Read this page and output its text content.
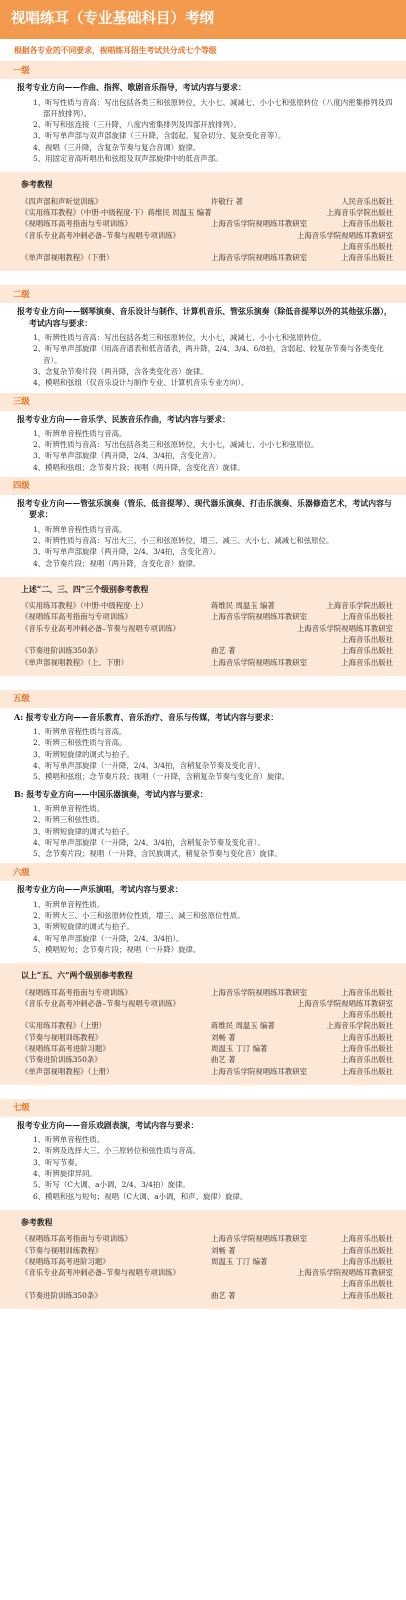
视唱练耳（专业基础科目）考纲
根据各专业的不同要求，视唱练耳招生考试共分成七个等级
一级
报考专业方向——作曲、指挥、歌剧音乐指导，考试内容与要求：
1、听写性质与音高：写出包括各类三和弦原转位，大小七、减减七、小小七和弦原转位（八度内密集排列及四部开放排列）。
2、听写和弦连接（三升降，八度内密集排列及四部开放排列）。
3、听写单声部与双声部旋律（三升降，含弱起、复杂切分、复杂变化音等）。
4、视唱（三升降，含复杂节奏与复合音调）旋律。
5、用固定音高听唱出和弦组及双声部旋律中的低音声部。
参考教程
《四声部和声听觉训练》	许敬行 著	人民音乐出版社
《实用练耳教程》（中册·中级程度·下）蒋维民 周温玉 编著	上海音乐学院出版社
《视唱练耳高考指南与专项训练》	上海音乐学院视唱练耳教研室	上海音乐出版社
《音乐专业高考冲刺必备–节奏与视唱专项训练》	上海音乐学院视唱练耳教研室
上海音乐出版社
《单声部视唱教程》（下册）	上海音乐学院视唱练耳教研室	上海音乐出版社
二级
报考专业方向——钢琴演奏、音乐设计与制作、计算机音乐、管弦乐演奏（除低音提琴以外的其他弦乐器），考试内容与要求：
1、听辨性质与音高：写出包括各类三和弦原转位，大小七，减减七、小小七和弦原转位。
2、听写单声部旋律（用高音谱表和低音谱表，两升降，2/4、3/4、6/8拍，含弱起、较复杂节奏与各类变化音）。
3、念复杂节奏片段（两升降，含各类变化音）旋律。
4、模唱和弦组（仅音乐设计与制作专业、计算机音乐专业方向）。
三级
报考专业方向——音乐学、民族音乐作曲，考试内容与要求：
1、听辨单音程性质与音高。
2、听辨性质与音高：写出包括各类三和弦原转位，大小七，减减七、小小七和弦原位。
3、听写单声部旋律（两升降，2/4、3/4拍，含变化音）。
4、模唱和弦组；念节奏片段；视唱（两升降，含变化音）旋律。
四级
报考专业方向——管弦乐演奏（管乐、低音提琴）、现代器乐演奏、打击乐演奏、乐器修造艺术，考试内容与要求：
1、听辨单音程性质与音高。
2、听辨性质与音高：写出大三、小三和弦原转位，增三、减三、大小七、减减七和弦原位。
3、听写单声部旋律（两升降，2/4、3/4拍，含变化音）。
4、念节奏片段；视唱（两升降，含变化音）旋律。
上述“二、三、四”三个级别参考教程
《实用练耳教程》（中册·中级程度·上）	蒋维民 周温玉 编著	上海音乐学院出版社
《视唱练耳高考指南与专项训练》	上海音乐学院视唱练耳教研室	上海音乐出版社
《音乐专业高考冲刺必备–节奏与视唱专项训练》	上海音乐学院视唱练耳教研室
上海音乐出版社
《节奏进阶训练350条》	曲艺 著	上海音乐出版社
《单声部视唱教程》（上、下册）	上海音乐学院视唱练耳教研室	上海音乐出版社
五级
A: 报考专业方向——音乐教育、音乐治疗、音乐与传媒，考试内容与要求：
1、听辨单音程性质与音高。
2、听辨三和弦性质与音高。
3、听辨短旋律的调式与拍子。
4、听写单声部旋律（一升降，2/4、3/4拍，含稍复杂节奏及变化音）。
5、模唱和弦组；念节奏片段；视唱（一升降，含稍复杂节奏与变化音）旋律。
B: 报考专业方向——中国乐器演奏，考试内容与要求：
1、听辨单音程性质。
2、听辨三和弦性质。
3、听辨短旋律的调式与拍子。
4、听写单声部旋律（一升降，2/4、3/4拍，含稍复杂节奏及变化音）。
5、念节奏片段；视唱（一升降，含民族调式，稍复杂节奏与变化音）旋律。
六级
报考专业方向——声乐演唱，考试内容与要求：
1、听辨单音程性质。
2、听辨大三、小三和弦原转位性质，增三、减三和弦原位性质。
3、听辨短旋律的调式与拍子。
4、听写单声部旋律（一升降，2/4、3/4拍）。
5、模唱短句；念节奏片段；视唱（一升降）旋律。
以上“五、六”两个级别参考教程
《视唱练耳高考指南与专项训练》	上海音乐学院视唱练耳教研室	上海音乐出版社
《音乐专业高考冲刺必备–节奏与视唱专项训练》	上海音乐学院视唱练耳教研室
上海音乐出版社
《实用练耳教程》（上册）	蒋维民 周温玉 编著	上海音乐学院出版社
《节奏与视唱训练教程》	刘畅 著	上海音乐出版社
《视唱练耳高考进阶习题》	周温玉 丁汀 编著	上海音乐出版社
《节奏进阶训练350条》	曲艺 著	上海音乐出版社
《单声部视唱教程》（上册）	上海音乐学院视唱练耳教研室	上海音乐出版社
七级
报考专业方向——音乐戏剧表演，考试内容与要求：
1、听辨单音程性质。
2、听辨及选择大三、小三原转位和弦性质与音高。
3、听写节奏。
4、听辨旋律异同。
5、听写（C大调、a小调，2/4、3/4拍）旋律。
6、模唱和弦与短句；视唱（C大调、a小调，和声、旋律）旋律。
参考教程
《视唱练耳高考指南与专项训练》	上海音乐学院视唱练耳教研室	上海音乐出版社
《节奏与视唱训练教程》	刘畅 著	上海音乐出版社
《视唱练耳高考进阶习题》	周温玉 丁汀 编著	上海音乐出版社
《音乐专业高考冲刺必备–节奏与视唱专项训练》	上海音乐学院视唱练耳教研室
上海音乐出版社
《节奏进阶训练350条》	曲艺 著	上海音乐出版社
